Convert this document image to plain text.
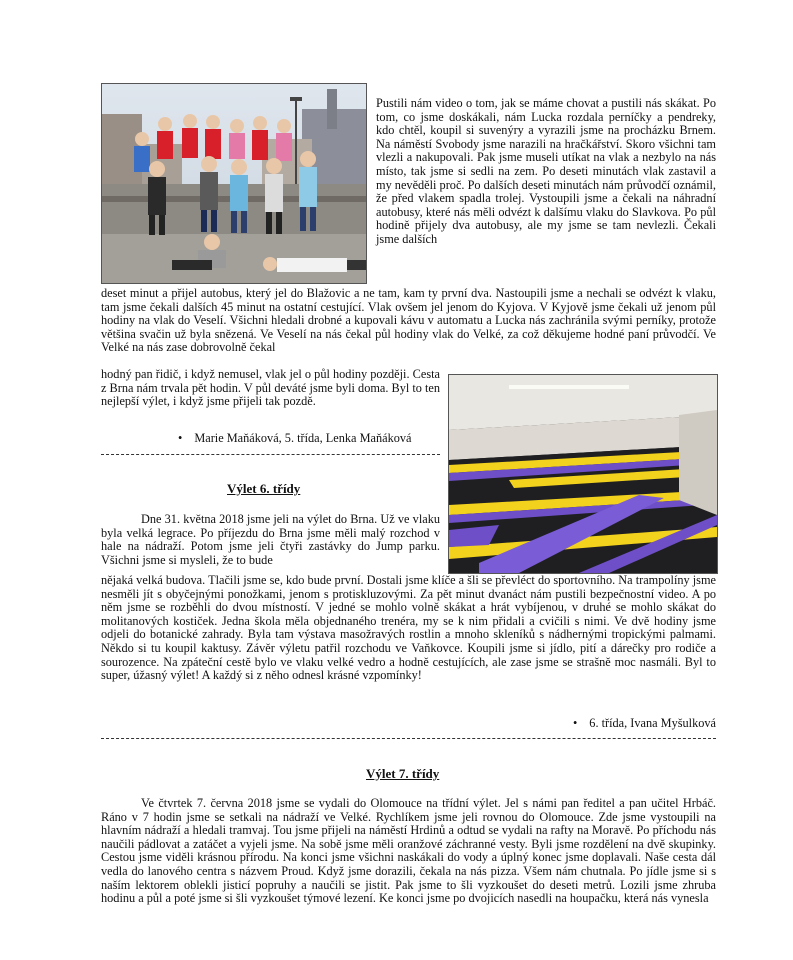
Pustili nám video o tom, jak se máme chovat a pustili nás skákat. Po tom, co jsme doskákali, nám Lucka rozdala perníčky a pendreky, kdo chtěl, koupil si suvenýry a vyrazili jsme na procházku Brnem. Na náměstí Svobody jsme narazili na hračkářství. Skoro všichni tam vlezli a nakupovali. Pak jsme museli utíkat na vlak a nezbylo na nás místo, tak jsme si sedli na zem. Po deseti minutách vlak zastavil a my nevěděli proč. Po dalších deseti minutách nám průvodčí oznámil, že před vlakem spadla trolej. Vystoupili jsme a čekali na náhradní autobusy, které nás měli odvézt k dalšímu vlaku do Slavkova. Po půl hodině přijely dva autobusy, ale my jsme se tam nevlezli. Čekali jsme dalších

deset minut a přijel autobus, který jel do Blažovic a ne tam, kam ty první dva. Nastoupili jsme a nechali se odvézt k vlaku, tam jsme čekali dalších 45 minut na ostatní cestující. Vlak ovšem jel jenom do Kyjova. V Kyjově jsme čekali už jenom půl hodiny na vlak do Veselí. Všichni hledali drobné a kupovali kávu v automatu a Lucka nás zachránila svými perníky, protože většina svačin už byla snězená. Ve Veselí na nás čekal půl hodiny vlak do Velké, za což děkujeme hodné paní průvodčí. Ve Velké na nás zase dobrovolně čekal

hodný pan řidič, i když nemusel, vlak jel o půl hodiny později. Cesta z Brna nám trvala pět hodin. V půl deváté jsme byli doma. Byl to ten nejlepší výlet, i když jsme přijeli tak pozdě.

• Marie Maňáková, 5. třída, Lenka Maňáková
Výlet 6. třídy

Dne 31. května 2018 jsme jeli na výlet do Brna. Už ve vlaku byla velká legrace. Po příjezdu do Brna jsme měli malý rozchod v hale na nádraží. Potom jsme jeli čtyři zastávky do Jump parku. Všichni jsme si mysleli, že to bude

nějaká velká budova. Tlačili jsme se, kdo bude první. Dostali jsme klíče a šli se převléct do sportovního. Na trampolíny jsme nesměli jít s obyčejnými ponožkami, jenom s protiskluzovými. Za pět minut dvanáct nám pustili bezpečnostní video. A po něm jsme se rozběhli do dvou místností. V jedné se mohlo volně skákat a hrát vybíjenou, v druhé se mohlo skákat do molitanových kostiček. Jedna škola měla objednaného trenéra, my se k nim přidali a cvičili s nimi. Ve dvě hodiny jsme odjeli do botanické zahrady. Byla tam výstava masožravých rostlin a mnoho skleníků s nádhernými tropickými palmami. Někdo si tu koupil kaktusy. Závěr výletu patřil rozchodu ve Vaňkovce. Koupili jsme si jídlo, pití a dárečky pro rodiče a sourozence. Na zpáteční cestě bylo ve vlaku velké vedro a hodně cestujících, ale zase jsme se strašně moc nasmáli. Byl to super, úžasný výlet! A každý si z něho odnesl krásné vzpomínky!

• 6. třída, Ivana Myšulková
Výlet 7. třídy

Ve čtvrtek 7. června 2018 jsme se vydali do Olomouce na třídní výlet. Jel s námi pan ředitel a pan učitel Hrbáč. Ráno v 7 hodin jsme se setkali na nádraží ve Velké. Rychlíkem jsme jeli rovnou do Olomouce. Zde jsme vystoupili na hlavním nádraží a hledali tramvaj. Tou jsme přijeli na náměstí Hrdinů a odtud se vydali na rafty na Moravě. Po příchodu nás naučili pádlovat a zatáčet a vyjeli jsme. Na sobě jsme měli oranžové záchranné vesty. Byli jsme rozdělení na dvě skupinky. Cestou jsme viděli krásnou přírodu. Na konci jsme všichni naskákali do vody a úplný konec jsme doplavali. Naše cesta dál vedla do lanového centra s názvem Proud. Když jsme dorazili, čekala na nás pizza. Všem nám chutnala. Po jídle jsme si s naším lektorem oblekli jisticí popruhy a naučili se jistit. Pak jsme to šli vyzkoušet do deseti metrů. Lozili jsme zhruba hodinu a půl a poté jsme si šli vyzkoušet týmové lezení. Ke konci jsme po dvojicích nasedli na houpačku, která nás vynesla
